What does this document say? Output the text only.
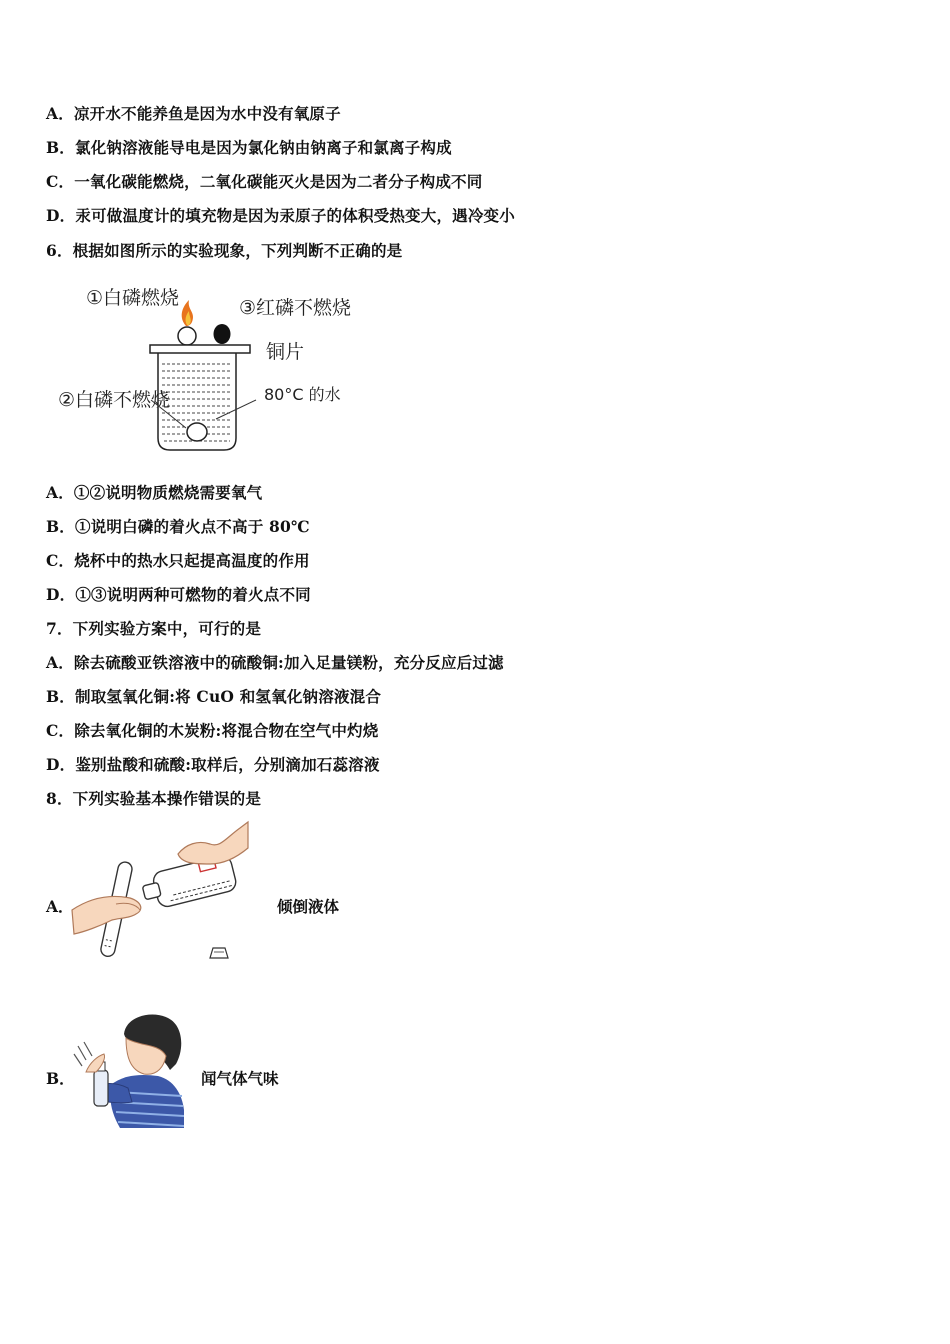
A．凉开水不能养鱼是因为水中没有氧原子
B．氯化钠溶液能导电是因为氯化钠由钠离子和氯离子构成
C．一氧化碳能燃烧，二氧化碳能灭火是因为二者分子构成不同
D．汞可做温度计的填充物是因为汞原子的体积受热变大，遇冷变小
6．根据如图所示的实验现象，下列判断不正确的是
①白磷燃烧	③红磷不燃烧
铜片
②白磷不燃烧	80°C 的水
A．①②说明物质燃烧需要氧气
B．①说明白磷的着火点不高于 80℃
C．烧杯中的热水只起提高温度的作用
D．①③说明两种可燃物的着火点不同
7．下列实验方案中，可行的是
A．除去硫酸亚铁溶液中的硫酸铜:加入足量镁粉，充分反应后过滤
B．制取氢氧化铜:将 CuO 和氢氧化钠溶液混合
C．除去氧化铜的木炭粉:将混合物在空气中灼烧
D．鉴别盐酸和硫酸:取样后，分别滴加石蕊溶液
8．下列实验基本操作错误的是
A．	倾倒液体
B．	闻气体气味
